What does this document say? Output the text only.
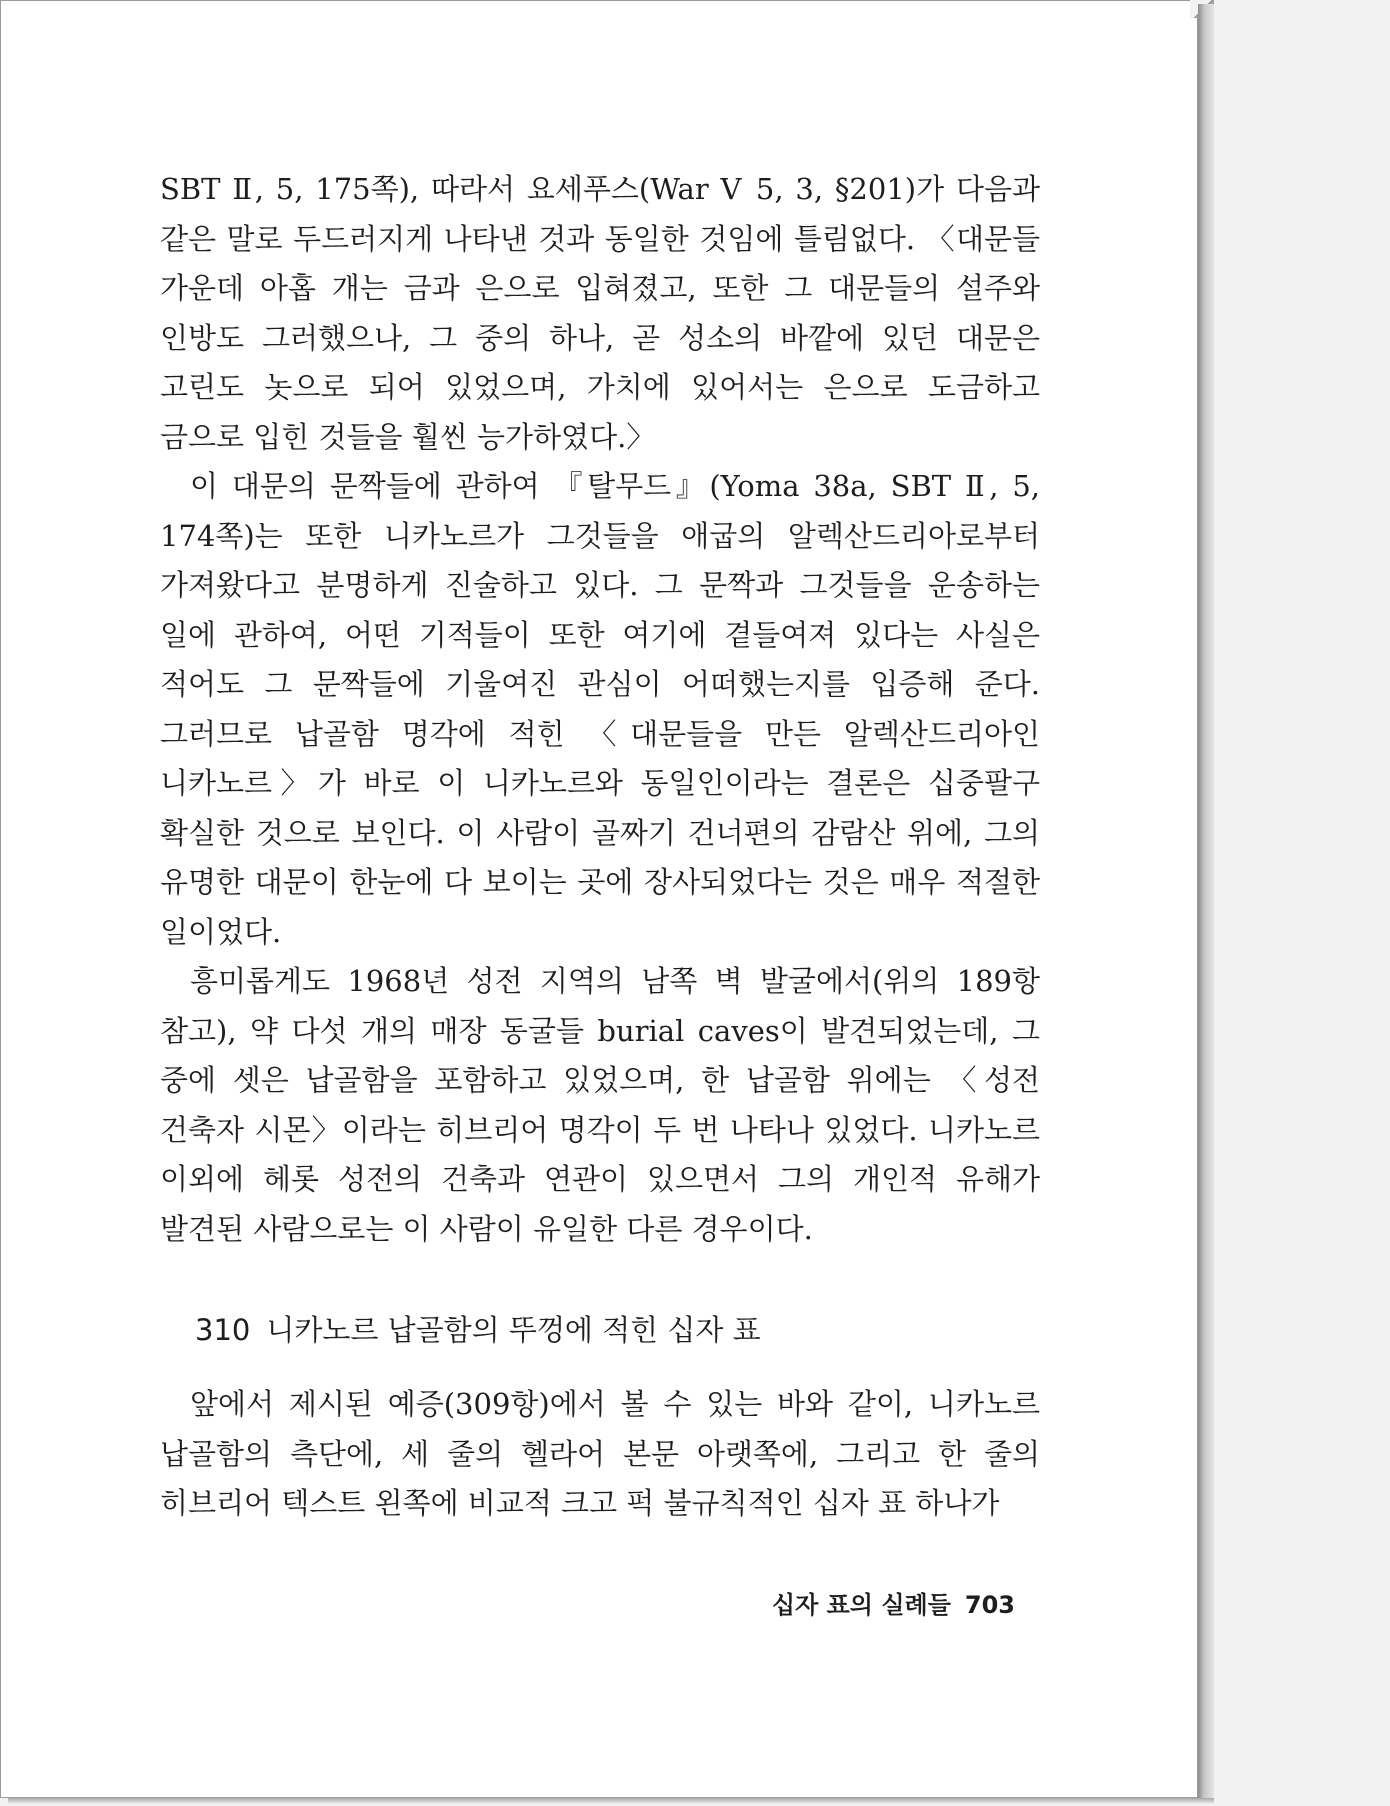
SBT Ⅱ, 5, 175쪽), 따라서 요세푸스(War Ⅴ 5, 3, §201)가 다음과 같은 말로 두드러지게 나타낸 것과 동일한 것임에 틀림없다. 〈대문들 가운데 아홉 개는 금과 은으로 입혀졌고, 또한 그 대문들의 설주와 인방도 그러했으나, 그 중의 하나, 곧 성소의 바깥에 있던 대문은 고린도 놋으로 되어 있었으며, 가치에 있어서는 은으로 도금하고 금으로 입힌 것들을 훨씬 능가하였다.〉

이 대문의 문짝들에 관하여 『탈무드』(Yoma 38a, SBT Ⅱ, 5, 174쪽)는 또한 니카노르가 그것들을 애굽의 알렉산드리아로부터 가져왔다고 분명하게 진술하고 있다. 그 문짝과 그것들을 운송하는 일에 관하여, 어떤 기적들이 또한 여기에 곁들여져 있다는 사실은 적어도 그 문짝들에 기울여진 관심이 어떠했는지를 입증해 준다. 그러므로 납골함 명각에 적힌 〈대문들을 만든 알렉산드리아인 니카노르〉가 바로 이 니카노르와 동일인이라는 결론은 십중팔구 확실한 것으로 보인다. 이 사람이 골짜기 건너편의 감람산 위에, 그의 유명한 대문이 한눈에 다 보이는 곳에 장사되었다는 것은 매우 적절한 일이었다.

흥미롭게도 1968년 성전 지역의 남쪽 벽 발굴에서(위의 189항 참고), 약 다섯 개의 매장 동굴들 burial caves이 발견되었는데, 그 중에 셋은 납골함을 포함하고 있었으며, 한 납골함 위에는 〈성전 건축자 시몬〉이라는 히브리어 명각이 두 번 나타나 있었다. 니카노르 이외에 헤롯 성전의 건축과 연관이 있으면서 그의 개인적 유해가 발견된 사람으로는 이 사람이 유일한 다른 경우이다.

310 니카노르 납골함의 뚜껑에 적힌 십자 표

앞에서 제시된 예증(309항)에서 볼 수 있는 바와 같이, 니카노르 납골함의 측단에, 세 줄의 헬라어 본문 아랫쪽에, 그리고 한 줄의 히브리어 텍스트 왼쪽에 비교적 크고 퍽 불규칙적인 십자 표 하나가

십자 표의 실례들 703
